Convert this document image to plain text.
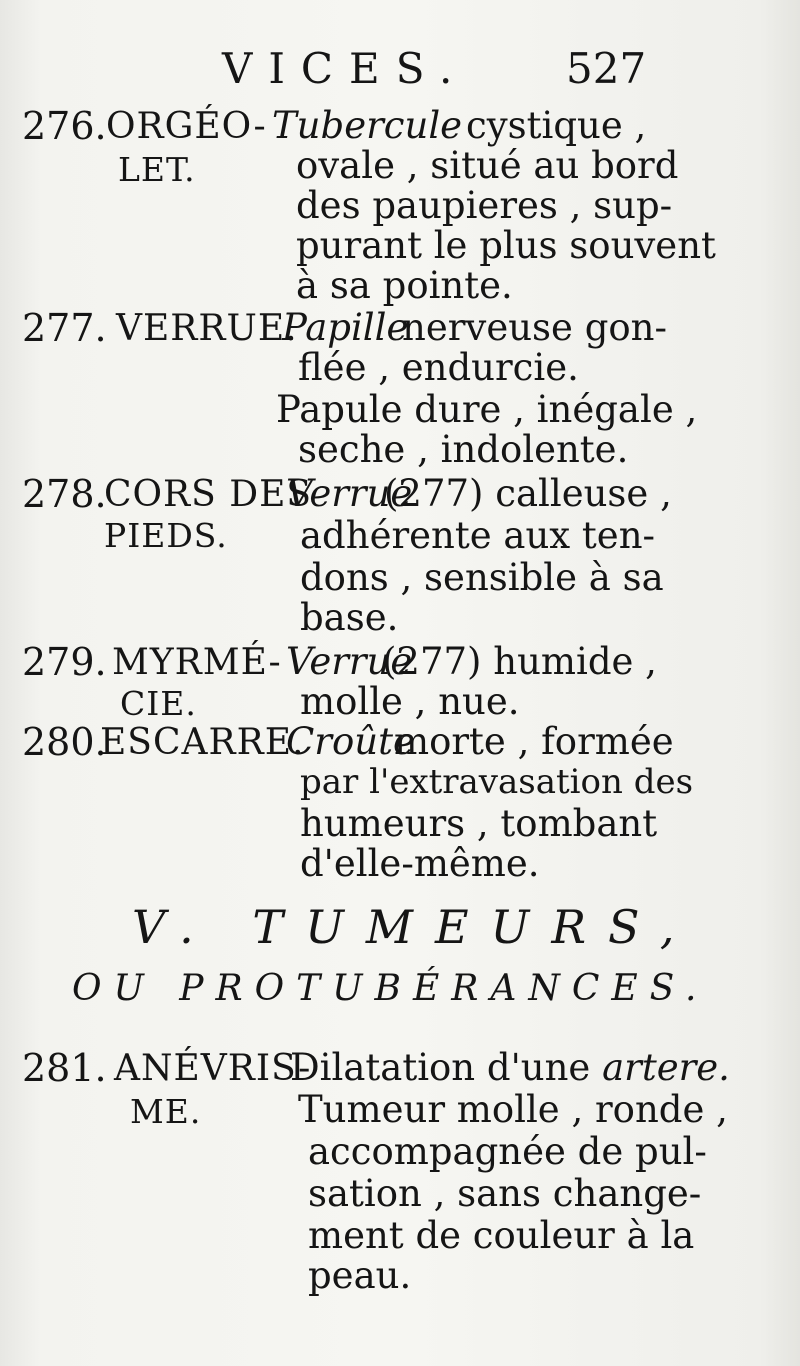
VICES. 527
276. ORGÉO-
LET.
Tubercule cystique ,
ovale , situé au bord
des paupieres , sup-
purant le plus souvent
à sa pointe.
277. VERRUE.
Papille
nerveuse gon-
flée , endurcie.
Papule dure , inégale ,
seche , indolente.
278.
CORS DES
PIEDS.
Verrue
(277) calleuse ,
adhérente aux ten-
dons , sensible à sa
base.
279. MYRMÉ-
CIE.
Verrue
(277) humide ,
molle , nue.
280.
ESCARRE.
Croûte
morte , formée
par l'extravasation des
humeurs , tombant
d'elle-même.
V. TUMEURS,
OU PROTUBÉRANCES.
281. ANÉVRIS-
ME.
Dilatation d'une artere.
Tumeur molle , ronde ,
accompagnée de pul-
sation , sans change-
ment de couleur à la
peau.
